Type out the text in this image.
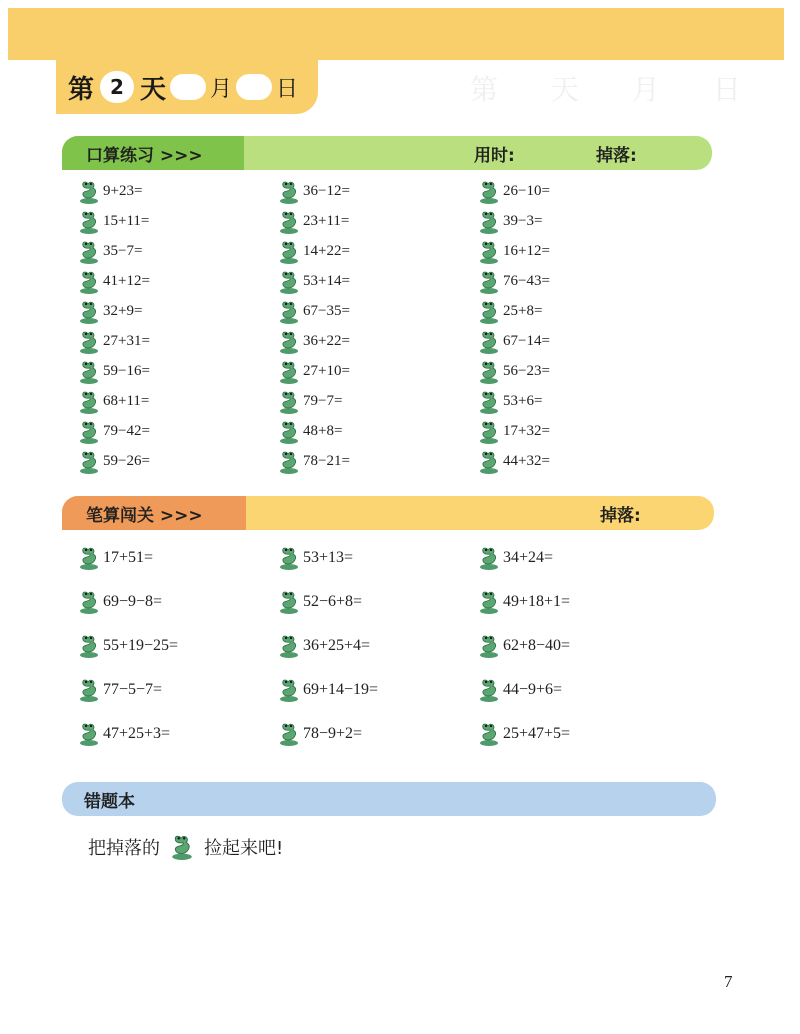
第 天 月 日
第 2 天 月 日
口算练习 >>>	用时:	掉落:
9+23=	36−12=	26−10=
15+11=	23+11=	39−3=
35−7=	14+22=	16+12=
41+12=	53+14=	76−43=
32+9=	67−35=	25+8=
27+31=	36+22=	67−14=
59−16=	27+10=	56−23=
68+11=	79−7=	53+6=
79−42=	48+8=	17+32=
59−26=	78−21=	44+32=
笔算闯关 >>>	掉落:
17+51=	53+13=	34+24=
69−9−8=	52−6+8=	49+18+1=
55+19−25=	36+25+4=	62+8−40=
77−5−7=	69+14−19=	44−9+6=
47+25+3=	78−9+2=	25+47+5=
错题本
把掉落的 捡起来吧!
7
